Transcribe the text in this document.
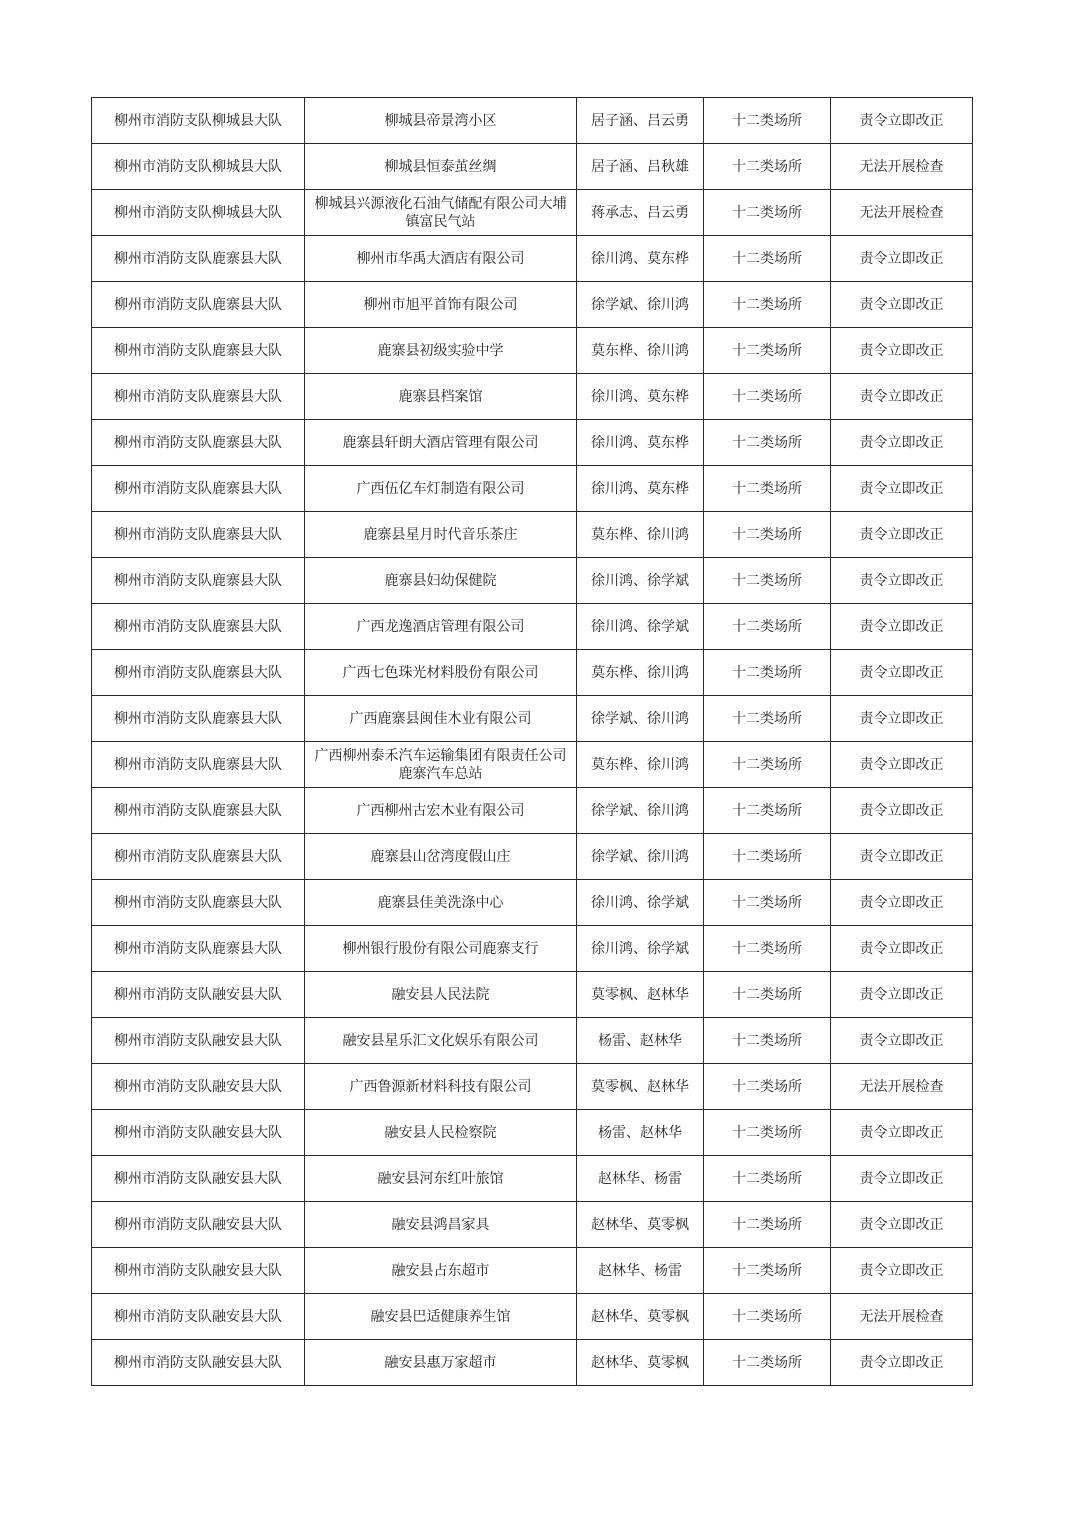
柳州市消防支队柳城县大队	柳城县帝景湾小区	居子涵、吕云勇	十二类场所	责令立即改正
柳州市消防支队柳城县大队	柳城县恒泰茧丝绸	居子涵、吕秋雄	十二类场所	无法开展检查
柳州市消防支队柳城县大队	柳城县兴源液化石油气储配有限公司大埔镇富民气站	蒋承志、吕云勇	十二类场所	无法开展检查
柳州市消防支队鹿寨县大队	柳州市华禹大酒店有限公司	徐川鸿、莫东桦	十二类场所	责令立即改正
柳州市消防支队鹿寨县大队	柳州市旭平首饰有限公司	徐学斌、徐川鸿	十二类场所	责令立即改正
柳州市消防支队鹿寨县大队	鹿寨县初级实验中学	莫东桦、徐川鸿	十二类场所	责令立即改正
柳州市消防支队鹿寨县大队	鹿寨县档案馆	徐川鸿、莫东桦	十二类场所	责令立即改正
柳州市消防支队鹿寨县大队	鹿寨县轩朗大酒店管理有限公司	徐川鸿、莫东桦	十二类场所	责令立即改正
柳州市消防支队鹿寨县大队	广西伍亿车灯制造有限公司	徐川鸿、莫东桦	十二类场所	责令立即改正
柳州市消防支队鹿寨县大队	鹿寨县星月时代音乐茶庄	莫东桦、徐川鸿	十二类场所	责令立即改正
柳州市消防支队鹿寨县大队	鹿寨县妇幼保健院	徐川鸿、徐学斌	十二类场所	责令立即改正
柳州市消防支队鹿寨县大队	广西龙逸酒店管理有限公司	徐川鸿、徐学斌	十二类场所	责令立即改正
柳州市消防支队鹿寨县大队	广西七色珠光材料股份有限公司	莫东桦、徐川鸿	十二类场所	责令立即改正
柳州市消防支队鹿寨县大队	广西鹿寨县闽佳木业有限公司	徐学斌、徐川鸿	十二类场所	责令立即改正
柳州市消防支队鹿寨县大队	广西柳州泰禾汽车运输集团有限责任公司鹿寨汽车总站	莫东桦、徐川鸿	十二类场所	责令立即改正
柳州市消防支队鹿寨县大队	广西柳州古宏木业有限公司	徐学斌、徐川鸿	十二类场所	责令立即改正
柳州市消防支队鹿寨县大队	鹿寨县山岔湾度假山庄	徐学斌、徐川鸿	十二类场所	责令立即改正
柳州市消防支队鹿寨县大队	鹿寨县佳美洗涤中心	徐川鸿、徐学斌	十二类场所	责令立即改正
柳州市消防支队鹿寨县大队	柳州银行股份有限公司鹿寨支行	徐川鸿、徐学斌	十二类场所	责令立即改正
柳州市消防支队融安县大队	融安县人民法院	莫零枫、赵林华	十二类场所	责令立即改正
柳州市消防支队融安县大队	融安县星乐汇文化娱乐有限公司	杨雷、赵林华	十二类场所	责令立即改正
柳州市消防支队融安县大队	广西鲁源新材料科技有限公司	莫零枫、赵林华	十二类场所	无法开展检查
柳州市消防支队融安县大队	融安县人民检察院	杨雷、赵林华	十二类场所	责令立即改正
柳州市消防支队融安县大队	融安县河东红叶旅馆	赵林华、杨雷	十二类场所	责令立即改正
柳州市消防支队融安县大队	融安县鸿昌家具	赵林华、莫零枫	十二类场所	责令立即改正
柳州市消防支队融安县大队	融安县占东超市	赵林华、杨雷	十二类场所	责令立即改正
柳州市消防支队融安县大队	融安县巴适健康养生馆	赵林华、莫零枫	十二类场所	无法开展检查
柳州市消防支队融安县大队	融安县惠万家超市	赵林华、莫零枫	十二类场所	责令立即改正
